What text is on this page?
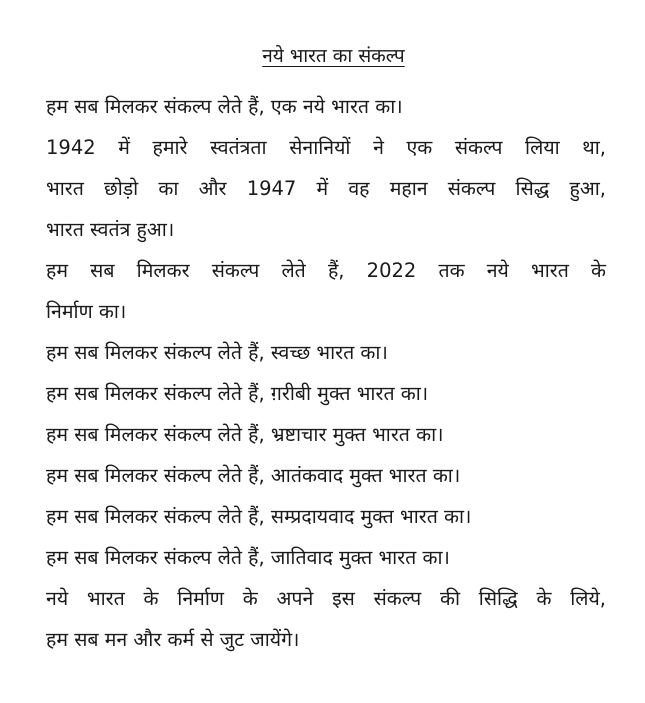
नये भारत का संकल्प

हम सब मिलकर संकल्प लेते हैं, एक नये भारत का।

1942 में हमारे स्वतंत्रता सेनानियों ने एक संकल्प लिया था,
भारत छोड़ो का और 1947 में वह महान संकल्प सिद्ध हुआ,
भारत स्वतंत्र हुआ।

हम सब मिलकर संकल्प लेते हैं, 2022 तक नये भारत के
निर्माण का।

हम सब मिलकर संकल्प लेते हैं, स्वच्छ भारत का।

हम सब मिलकर संकल्प लेते हैं, ग़रीबी मुक्त भारत का।

हम सब मिलकर संकल्प लेते हैं, भ्रष्टाचार मुक्त भारत का।

हम सब मिलकर संकल्प लेते हैं, आतंकवाद मुक्त भारत का।

हम सब मिलकर संकल्प लेते हैं, सम्प्रदायवाद मुक्त भारत का।

हम सब मिलकर संकल्प लेते हैं, जातिवाद मुक्त भारत का।

नये भारत के निर्माण के अपने इस संकल्प की सिद्धि के लिये,
हम सब मन और कर्म से जुट जायेंगे।
